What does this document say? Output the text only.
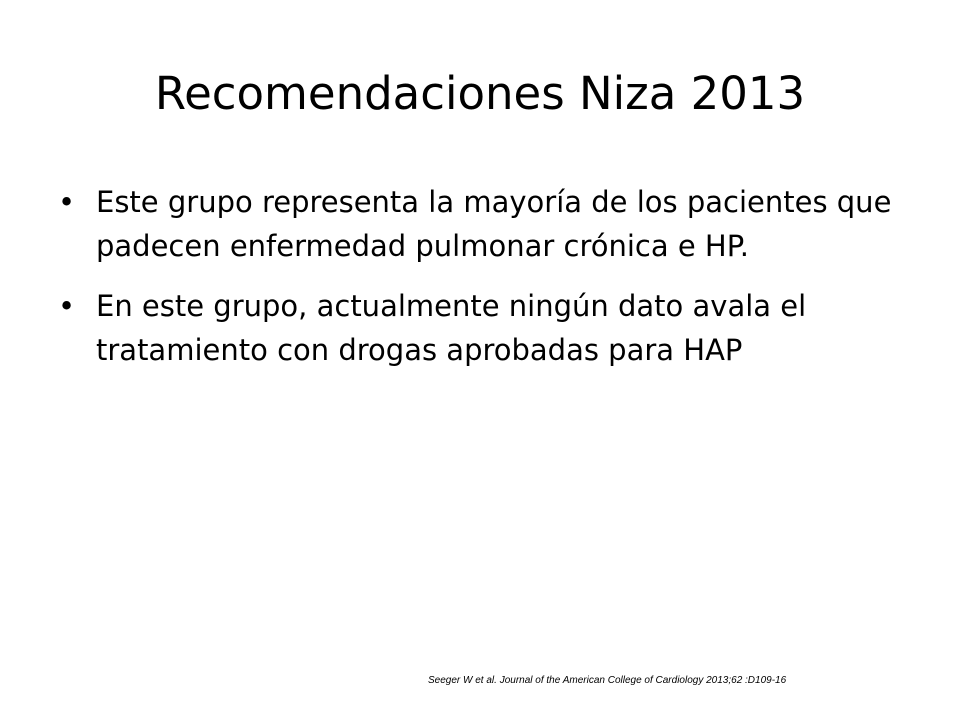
Recomendaciones Niza 2013
• Este grupo representa la mayoría de los pacientes que padecen enfermedad pulmonar crónica e HP.
• En este grupo, actualmente ningún dato avala el tratamiento con drogas aprobadas para HAP
Seeger W et al. Journal of the American College of Cardiology 2013;62 :D109-16
